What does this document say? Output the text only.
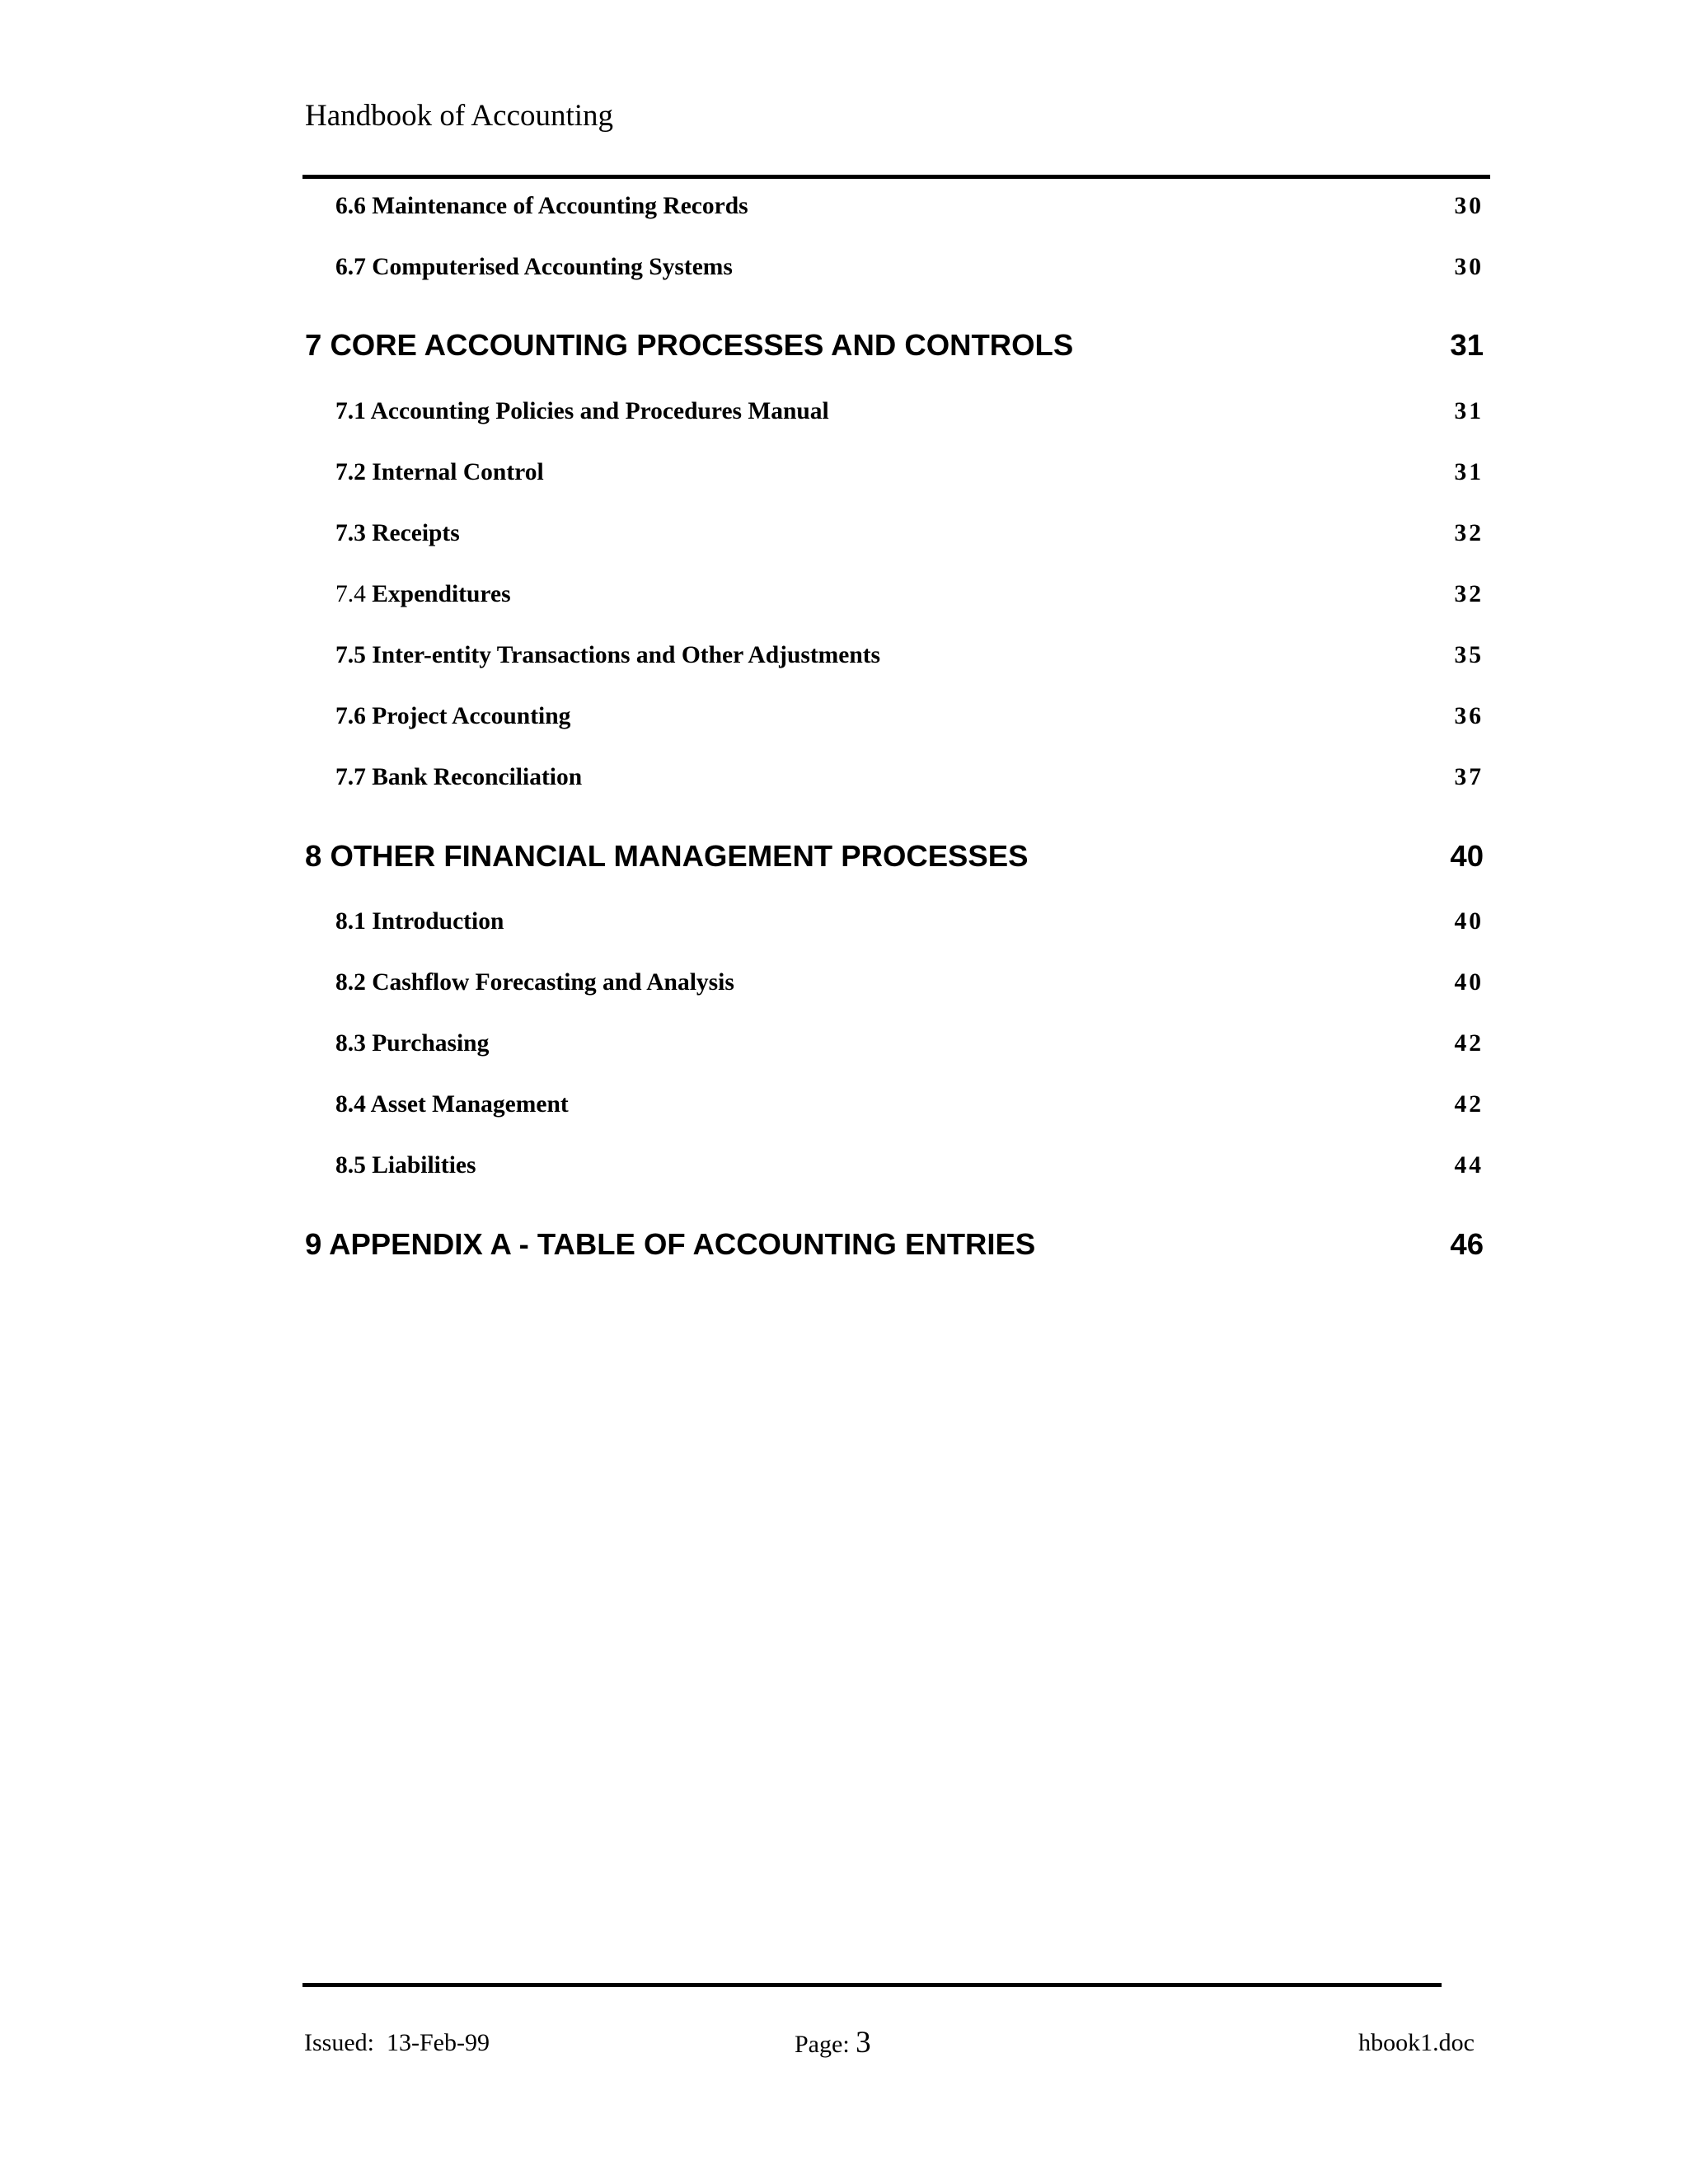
Handbook of Accounting
6.6 Maintenance of Accounting Records	30
6.7 Computerised Accounting Systems	30
7 CORE ACCOUNTING PROCESSES AND CONTROLS	31
7.1 Accounting Policies and Procedures Manual	31
7.2 Internal Control	31
7.3 Receipts	32
7.4 Expenditures	32
7.5 Inter-entity Transactions and Other Adjustments	35
7.6 Project Accounting	36
7.7 Bank Reconciliation	37
8 OTHER FINANCIAL MANAGEMENT PROCESSES	40
8.1 Introduction	40
8.2 Cashflow Forecasting and Analysis	40
8.3 Purchasing	42
8.4 Asset Management	42
8.5 Liabilities	44
9 APPENDIX A - TABLE OF ACCOUNTING ENTRIES	46
Issued: 13-Feb-99	Page: 3	hbook1.doc
